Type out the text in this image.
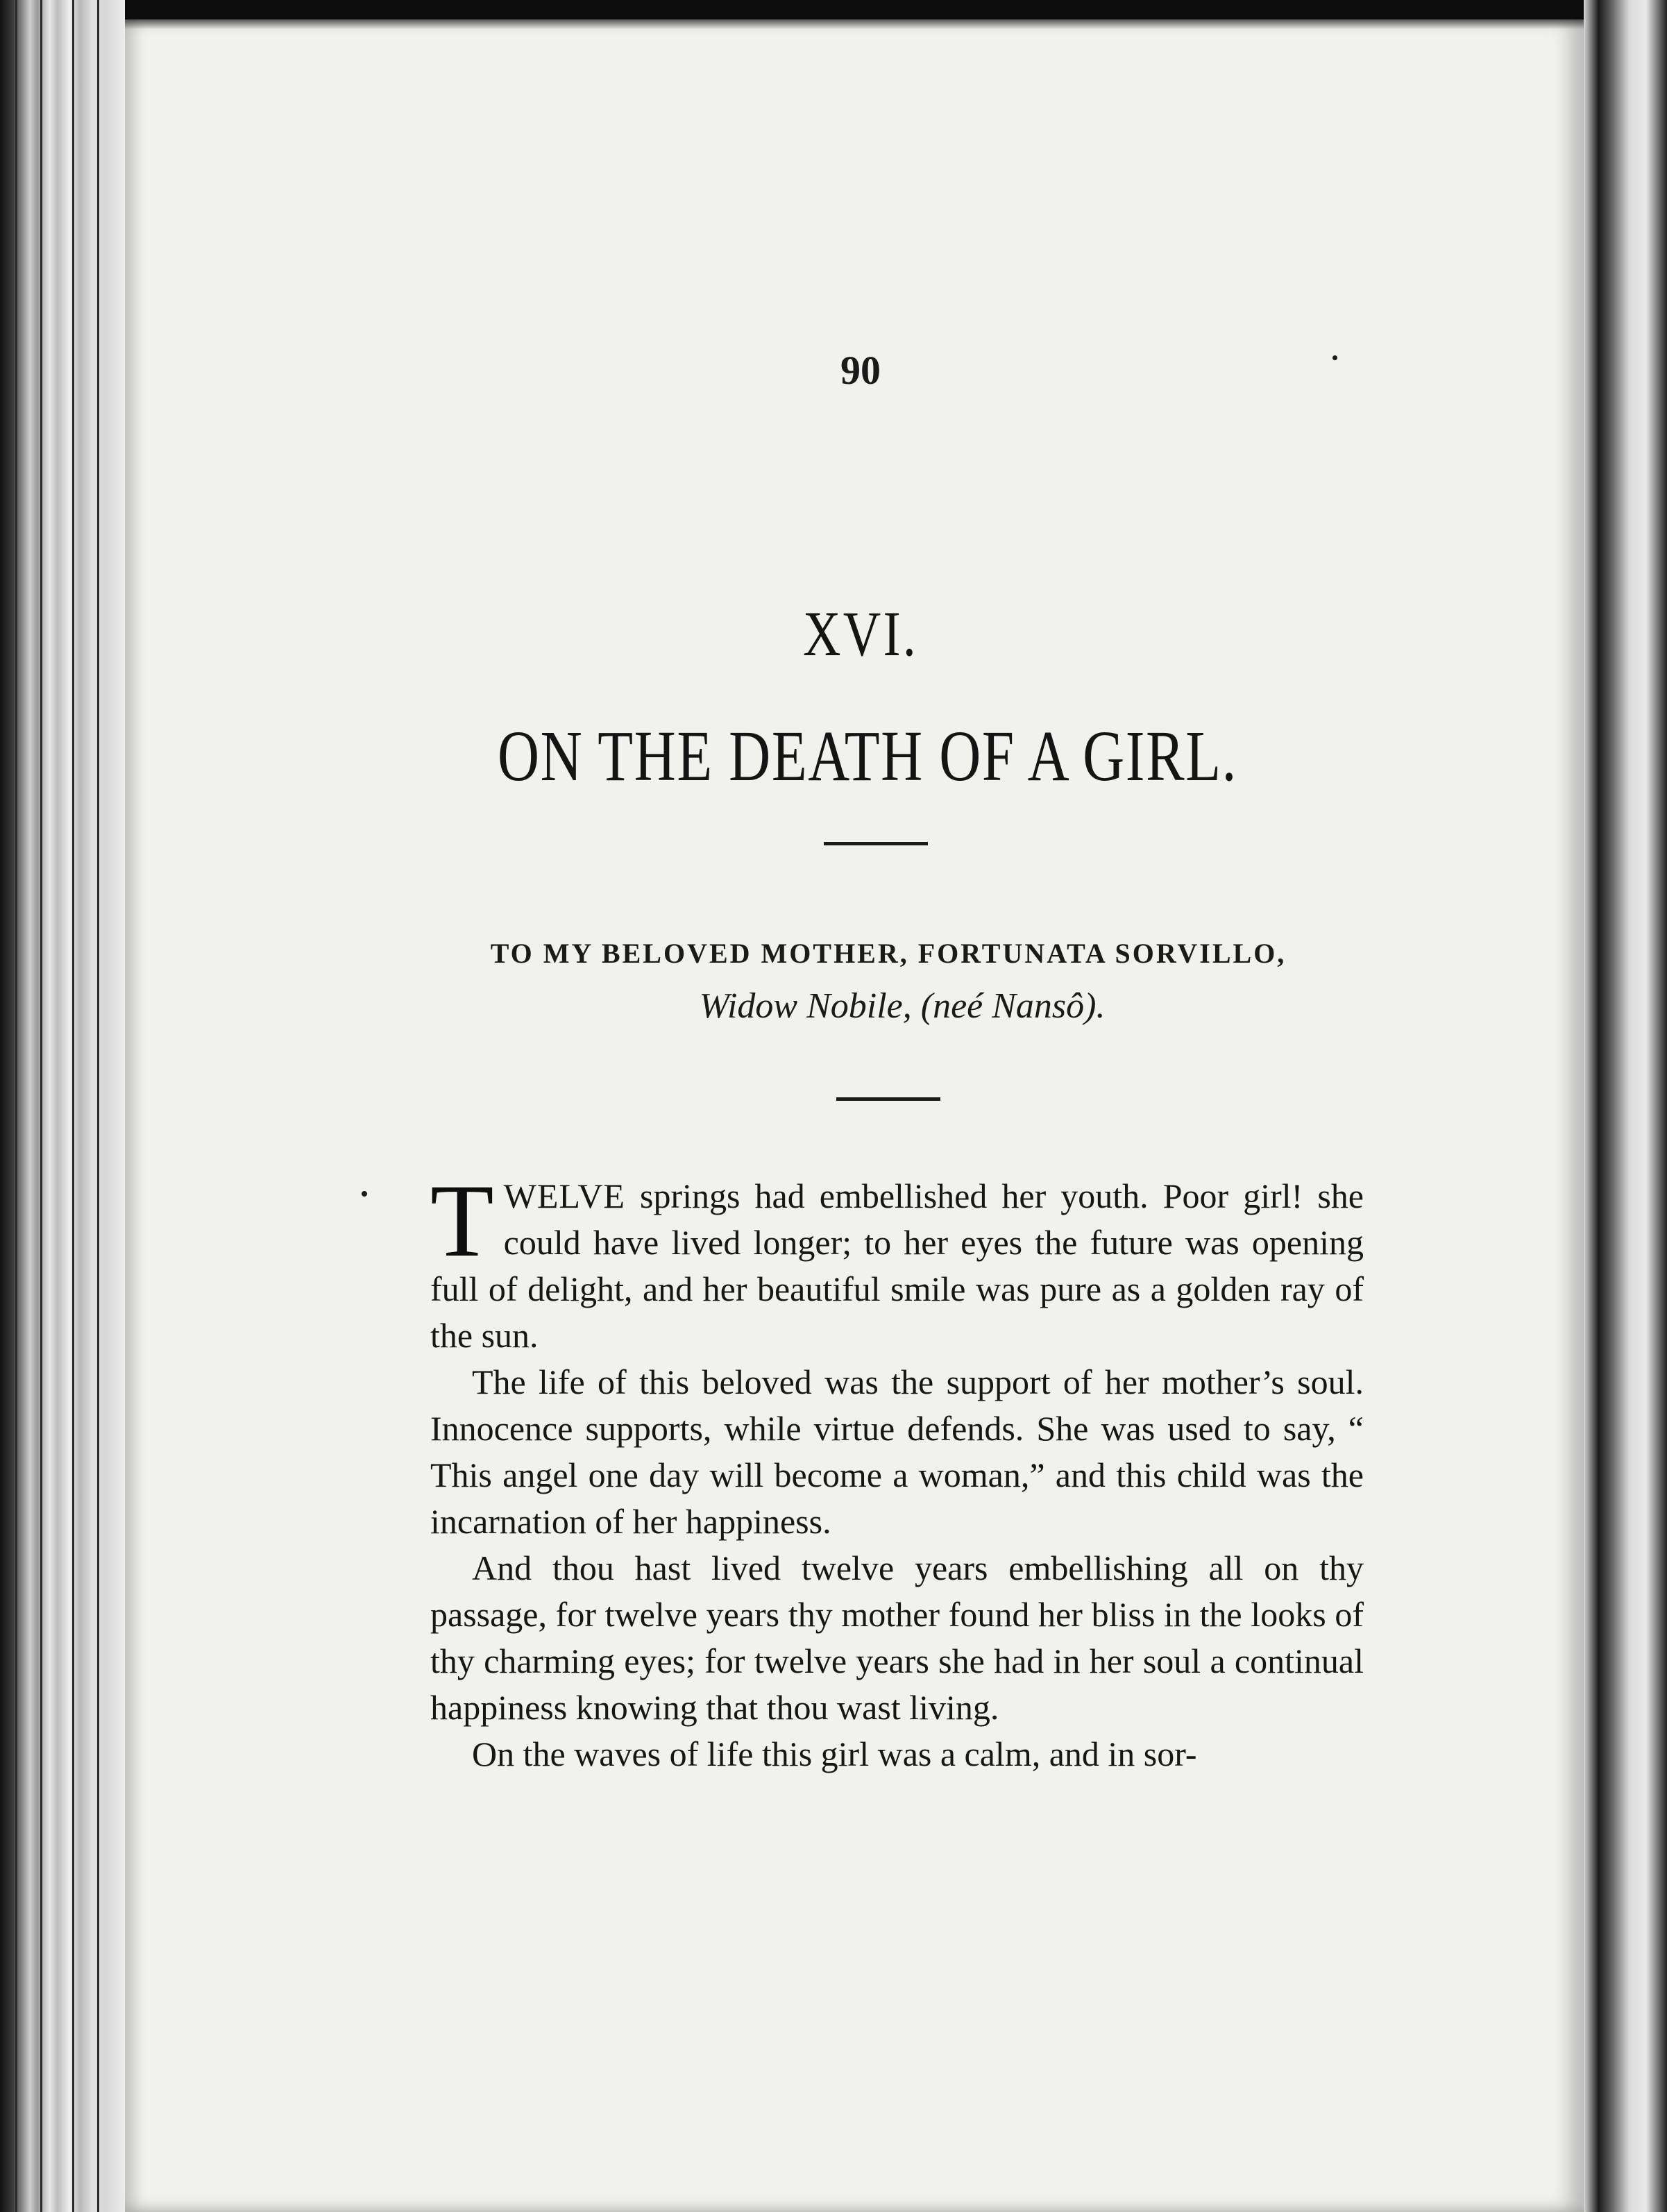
90
XVI.
ON THE DEATH OF A GIRL.
TO MY BELOVED MOTHER, FORTUNATA SORVILLO,
Widow Nobile, (neé Nansô).

TWELVE springs had embellished her youth. Poor girl! she could have lived longer; to her eyes the future was opening full of delight, and her beautiful smile was pure as a golden ray of the sun.

The life of this beloved was the support of her mother’s soul. Innocence supports, while virtue defends. She was used to say, “ This angel one day will become a woman,” and this child was the incarnation of her happiness.

And thou hast lived twelve years embellishing all on thy passage, for twelve years thy mother found her bliss in the looks of thy charming eyes; for twelve years she had in her soul a continual happiness knowing that thou wast living.

On the waves of life this girl was a calm, and in sor-
